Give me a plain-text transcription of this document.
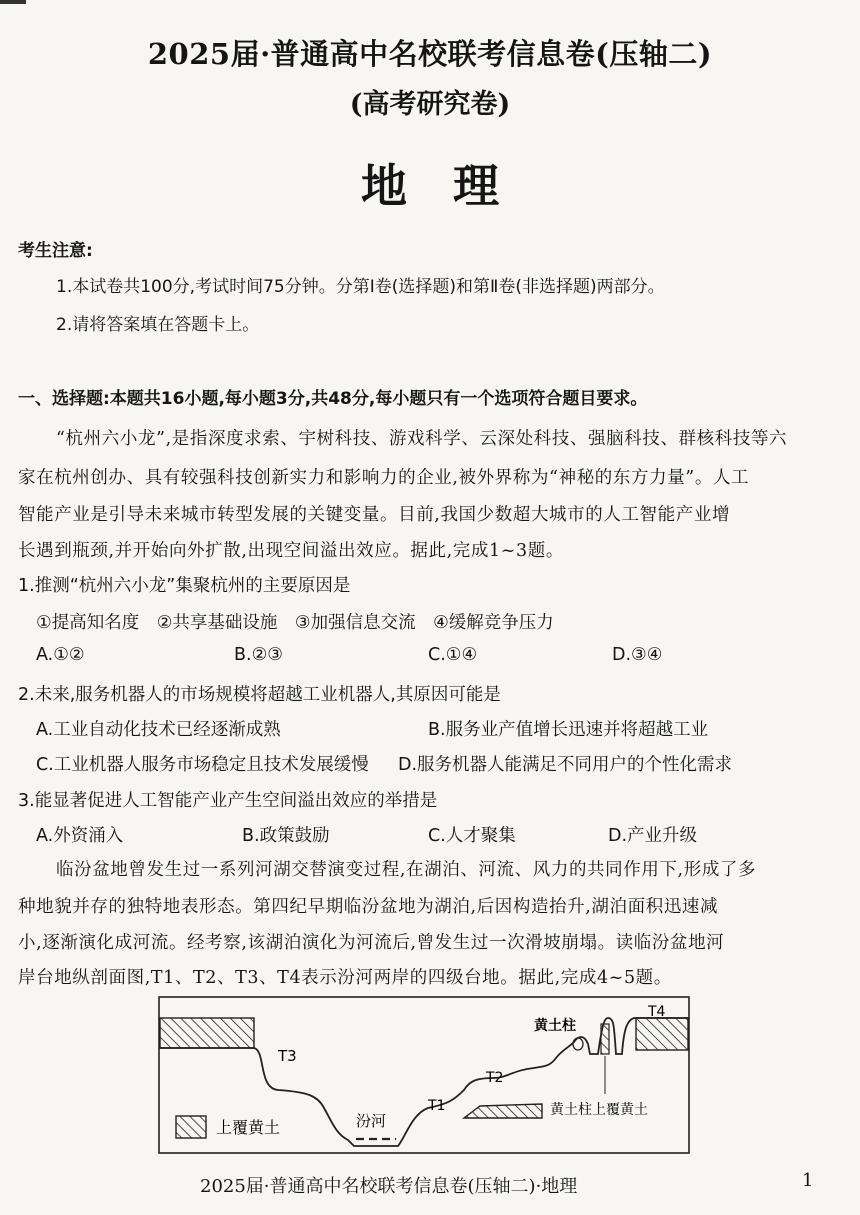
2025届·普通高中名校联考信息卷(压轴二)
(高考研究卷)
地理
考生注意:
1.本试卷共100分,考试时间75分钟。分第Ⅰ卷(选择题)和第Ⅱ卷(非选择题)两部分。
2.请将答案填在答题卡上。
一、选择题:本题共16小题,每小题3分,共48分,每小题只有一个选项符合题目要求。
“杭州六小龙”,是指深度求索、宇树科技、游戏科学、云深处科技、强脑科技、群核科技等六
家在杭州创办、具有较强科技创新实力和影响力的企业,被外界称为“神秘的东方力量”。人工
智能产业是引导未来城市转型发展的关键变量。目前,我国少数超大城市的人工智能产业增
长遇到瓶颈,并开始向外扩散,出现空间溢出效应。据此,完成1~3题。
1.推测“杭州六小龙”集聚杭州的主要原因是
①提高知名度　②共享基础设施　③加强信息交流　④缓解竞争压力
A.①②	B.②③	C.①④	D.③④
2.未来,服务机器人的市场规模将超越工业机器人,其原因可能是
A.工业自动化技术已经逐渐成熟	B.服务业产值增长迅速并将超越工业
C.工业机器人服务市场稳定且技术发展缓慢 D.服务机器人能满足不同用户的个性化需求
3.能显著促进人工智能产业产生空间溢出效应的举措是
A.外资涌入	B.政策鼓励	C.人才聚集	D.产业升级
临汾盆地曾发生过一系列河湖交替演变过程,在湖泊、河流、风力的共同作用下,形成了多
种地貌并存的独特地表形态。第四纪早期临汾盆地为湖泊,后因构造抬升,湖泊面积迅速减
小,逐渐演化成河流。经考察,该湖泊演化为河流后,曾发生过一次滑坡崩塌。读临汾盆地河
岸台地纵剖面图,T1、T2、T3、T4表示汾河两岸的四级台地。据此,完成4~5题。
上覆黄土
T3
汾河
T1
T2
黄土柱
T4
黄土柱上覆黄土
2025届·普通高中名校联考信息卷(压轴二)·地理	1
